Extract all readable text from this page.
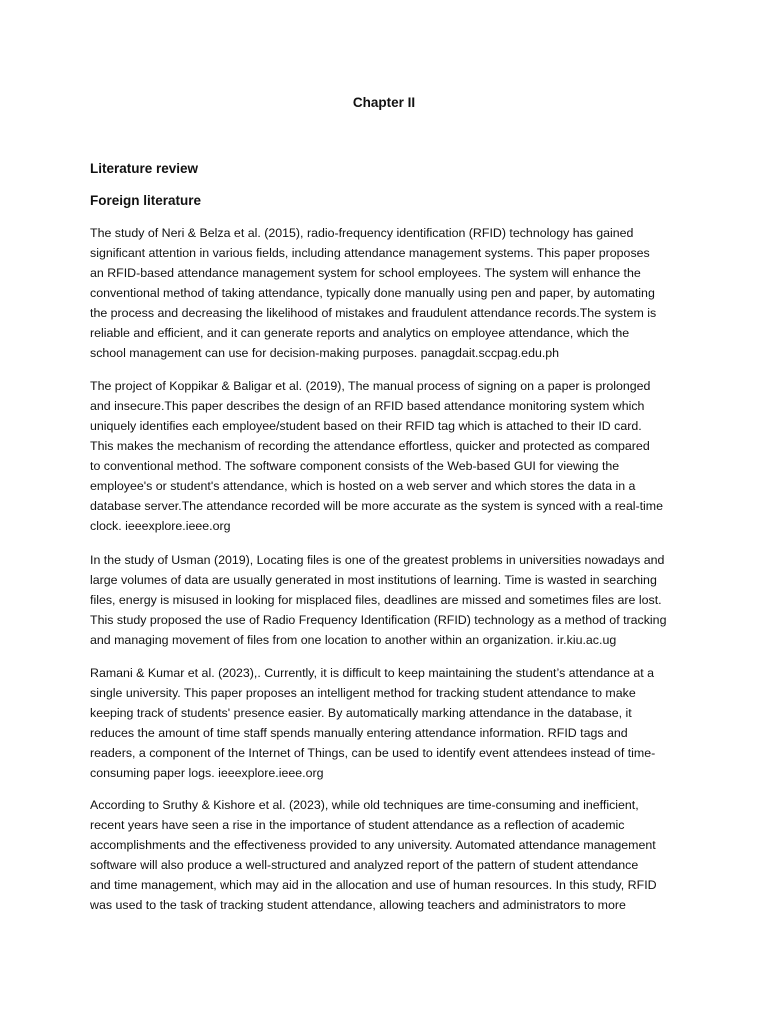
Chapter II
Literature review
Foreign literature

The study of Neri & Belza et al. (2015), radio-frequency identification (RFID) technology has gained
significant attention in various fields, including attendance management systems. This paper proposes
an RFID-based attendance management system for school employees. The system will enhance the
conventional method of taking attendance, typically done manually using pen and paper, by automating
the process and decreasing the likelihood of mistakes and fraudulent attendance records.The system is
reliable and efficient, and it can generate reports and analytics on employee attendance, which the
school management can use for decision-making purposes. panagdait.sccpag.edu.ph

The project of Koppikar & Baligar et al. (2019), The manual process of signing on a paper is prolonged
and insecure.This paper describes the design of an RFID based attendance monitoring system which
uniquely identifies each employee/student based on their RFID tag which is attached to their ID card.
This makes the mechanism of recording the attendance effortless, quicker and protected as compared
to conventional method. The software component consists of the Web-based GUI for viewing the
employee's or student's attendance, which is hosted on a web server and which stores the data in a
database server.The attendance recorded will be more accurate as the system is synced with a real-time
clock. ieeexplore.ieee.org

In the study of Usman (2019), Locating files is one of the greatest problems in universities nowadays and
large volumes of data are usually generated in most institutions of learning. Time is wasted in searching
files, energy is misused in looking for misplaced files, deadlines are missed and sometimes files are lost.
This study proposed the use of Radio Frequency Identification (RFID) technology as a method of tracking
and managing movement of files from one location to another within an organization. ir.kiu.ac.ug

Ramani & Kumar et al. (2023),. Currently, it is difficult to keep maintaining the student’s attendance at a
single university. This paper proposes an intelligent method for tracking student attendance to make
keeping track of students' presence easier. By automatically marking attendance in the database, it
reduces the amount of time staff spends manually entering attendance information. RFID tags and
readers, a component of the Internet of Things, can be used to identify event attendees instead of time-
consuming paper logs. ieeexplore.ieee.org

According to Sruthy & Kishore et al. (2023), while old techniques are time-consuming and inefficient,
recent years have seen a rise in the importance of student attendance as a reflection of academic
accomplishments and the effectiveness provided to any university. Automated attendance management
software will also produce a well-structured and analyzed report of the pattern of student attendance
and time management, which may aid in the allocation and use of human resources. In this study, RFID
was used to the task of tracking student attendance, allowing teachers and administrators to more
